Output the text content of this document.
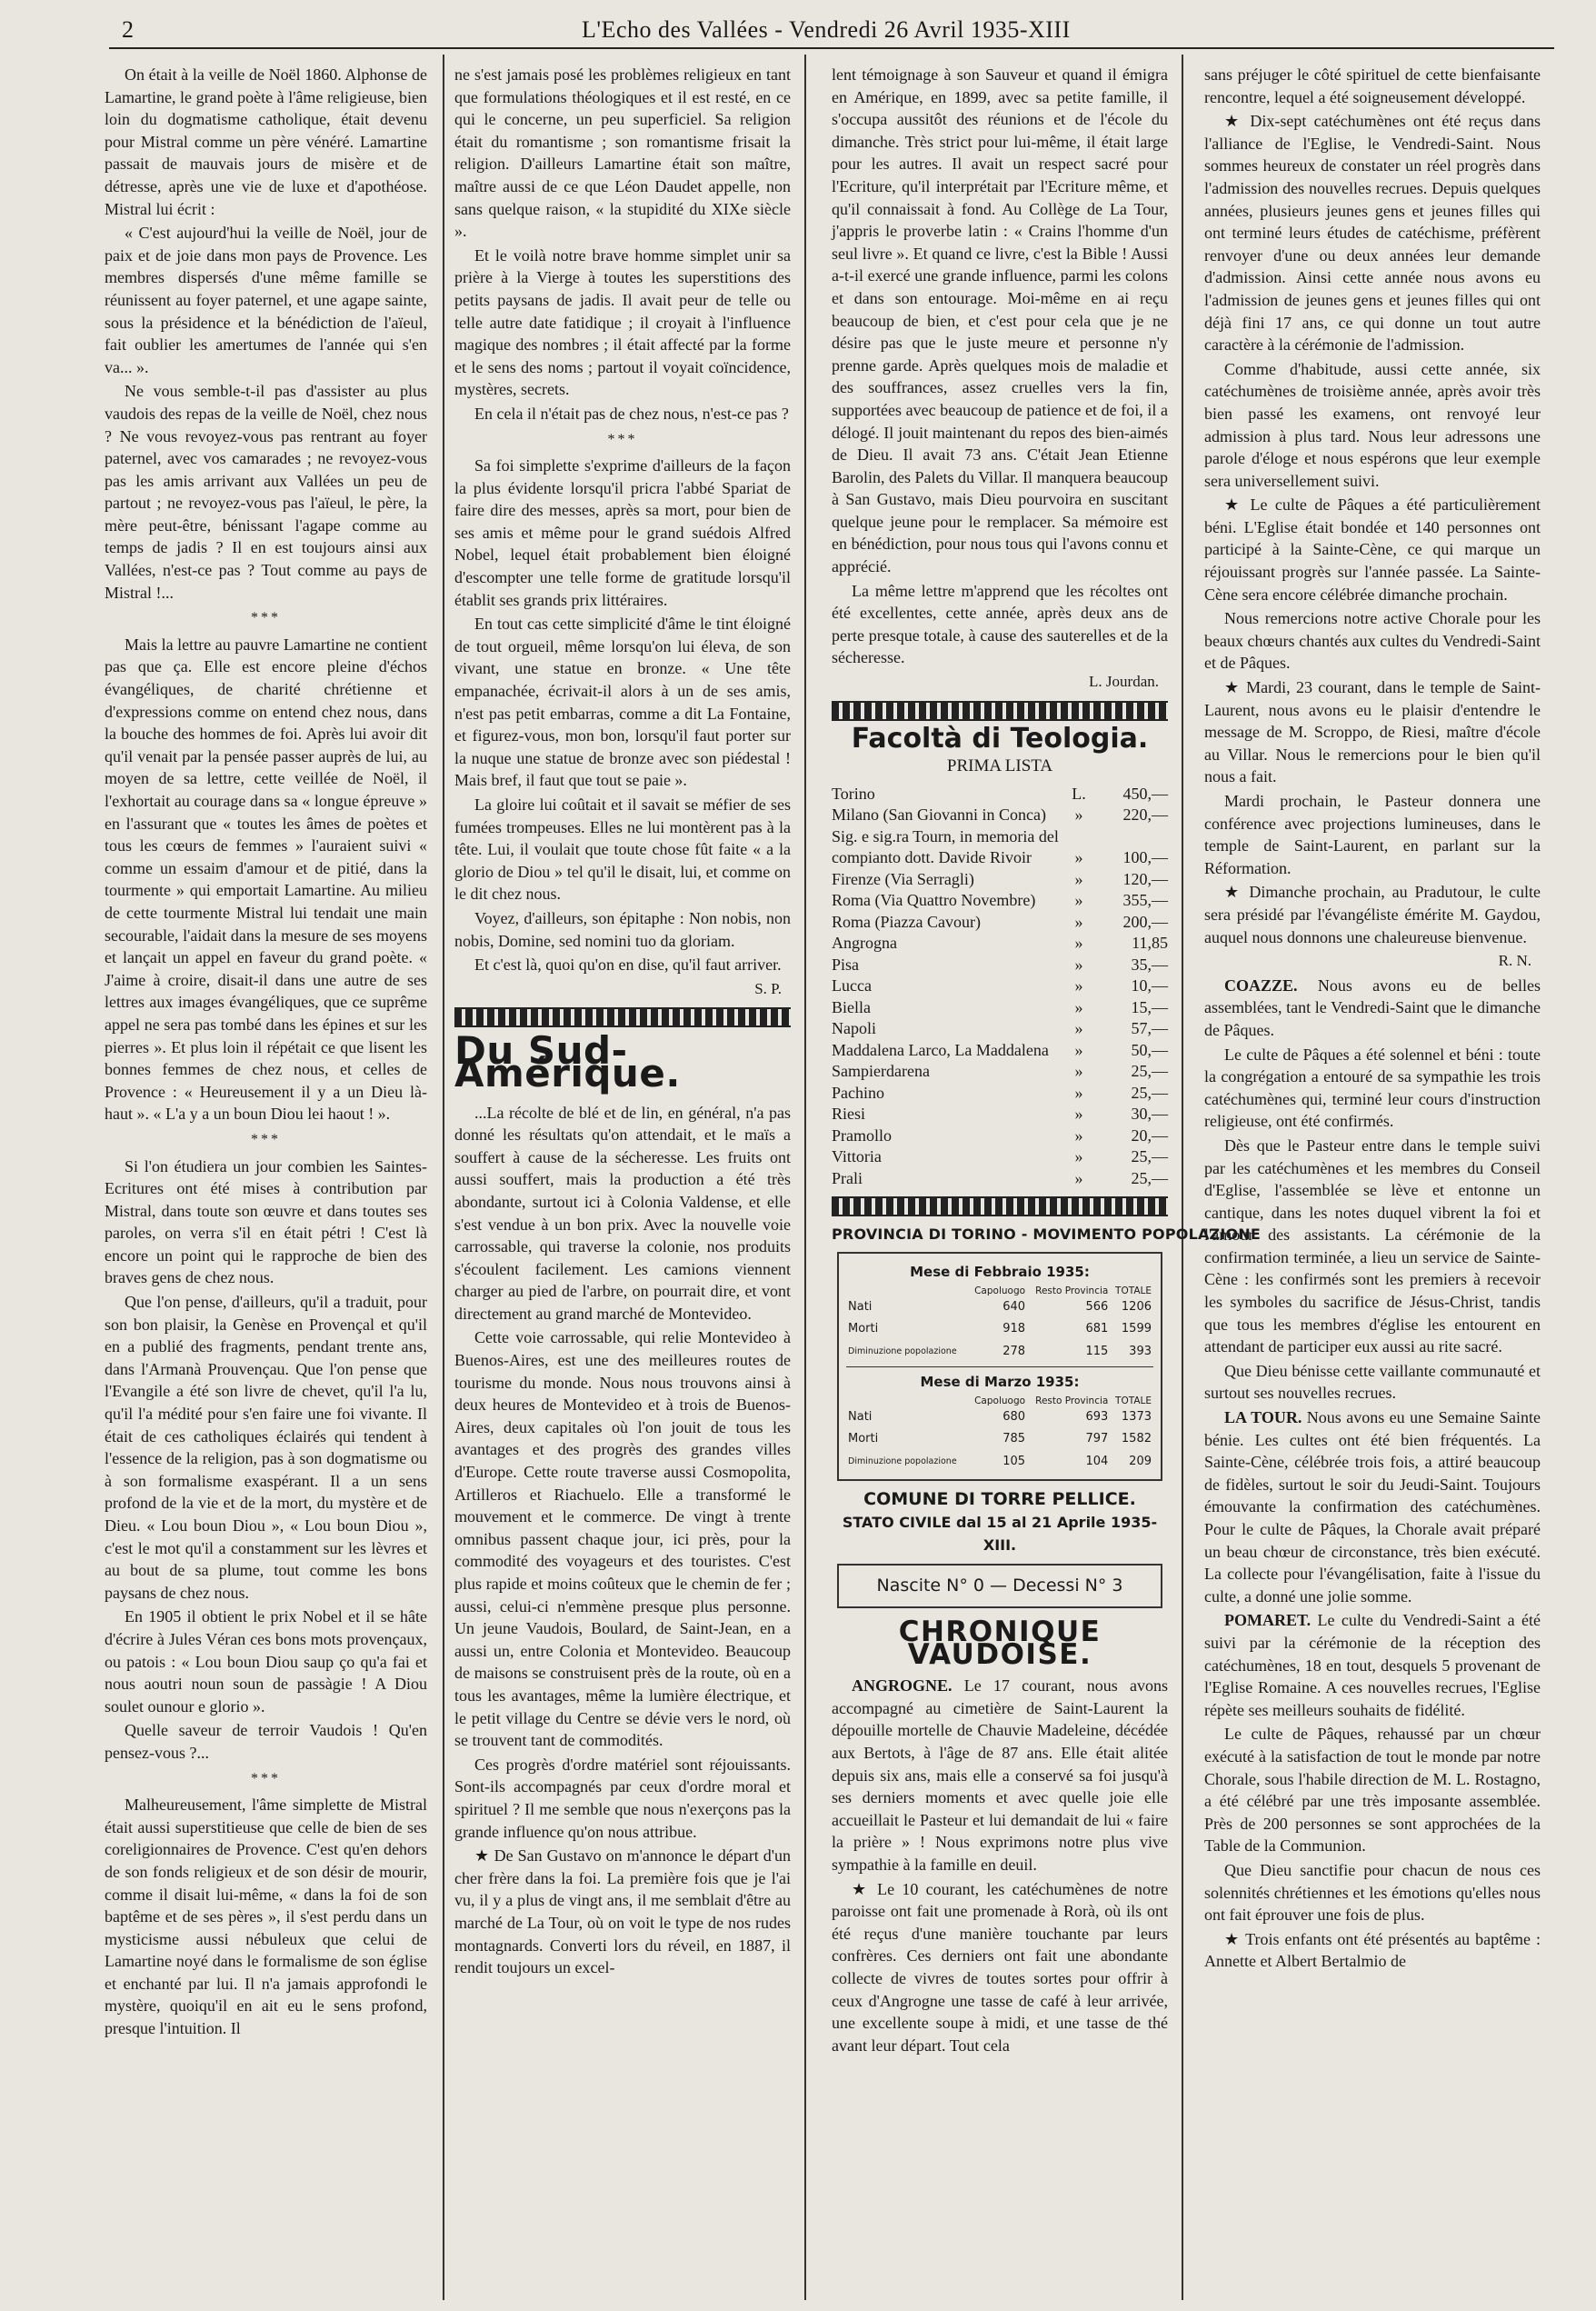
2	L'Echo des Vallées - Vendredi 26 Avril 1935-XIII

On était à la veille de Noël 1860. Alphonse de Lamartine, le grand poète à l'âme religieuse, bien loin du dogmatisme catholique, était devenu pour Mistral comme un père vénéré. Lamartine passait de mauvais jours de misère et de détresse, après une vie de luxe et d'apothéose. Mistral lui écrit :

« C'est aujourd'hui la veille de Noël, jour de paix et de joie dans mon pays de Provence. Les membres dispersés d'une même famille se réunissent au foyer paternel, et une agape sainte, sous la présidence et la bénédiction de l'aïeul, fait oublier les amertumes de l'année qui s'en va... ».

Ne vous semble-t-il pas d'assister au plus vaudois des repas de la veille de Noël, chez nous ? Ne vous revoyez-vous pas rentrant au foyer paternel, avec vos camarades ; ne revoyez-vous pas les amis arrivant aux Vallées un peu de partout ; ne revoyez-vous pas l'aïeul, le père, la mère peut-être, bénissant l'agape comme au temps de jadis ? Il en est toujours ainsi aux Vallées, n'est-ce pas ? Tout comme au pays de Mistral !...

***

Mais la lettre au pauvre Lamartine ne contient pas que ça. Elle est encore pleine d'échos évangéliques, de charité chrétienne et d'expressions comme on entend chez nous, dans la bouche des hommes de foi. Après lui avoir dit qu'il venait par la pensée passer auprès de lui, au moyen de sa lettre, cette veillée de Noël, il l'exhortait au courage dans sa « longue épreuve » en l'assurant que « toutes les âmes de poètes et tous les cœurs de femmes » l'auraient suivi « comme un essaim d'amour et de pitié, dans la tourmente » qui emportait Lamartine. Au milieu de cette tourmente Mistral lui tendait une main secourable, l'aidait dans la mesure de ses moyens et lançait un appel en faveur du grand poète. « J'aime à croire, disait-il dans une autre de ses lettres aux images évangéliques, que ce suprême appel ne sera pas tombé dans les épines et sur les pierres ». Et plus loin il répétait ce que lisent les bonnes femmes de chez nous, et celles de Provence : « Heureusement il y a un Dieu là-haut ». « L'a y a un boun Diou lei haout ! ».

***

Si l'on étudiera un jour combien les Saintes-Ecritures ont été mises à contribution par Mistral, dans toute son œuvre et dans toutes ses paroles, on verra s'il en était pétri ! C'est là encore un point qui le rapproche de bien des braves gens de chez nous.

Que l'on pense, d'ailleurs, qu'il a traduit, pour son bon plaisir, la Genèse en Provençal et qu'il en a publié des fragments, pendant trente ans, dans l'Armanà Prouvençau. Que l'on pense que l'Evangile a été son livre de chevet, qu'il l'a lu, qu'il l'a médité pour s'en faire une foi vivante. Il était de ces catholiques éclairés qui tendent à l'essence de la religion, pas à son dogmatisme ou à son formalisme exaspérant. Il a un sens profond de la vie et de la mort, du mystère et de Dieu. « Lou boun Diou », « Lou boun Diou », c'est le mot qu'il a constamment sur les lèvres et au bout de sa plume, tout comme les bons paysans de chez nous.

En 1905 il obtient le prix Nobel et il se hâte d'écrire à Jules Véran ces bons mots provençaux, ou patois : « Lou boun Diou saup ço qu'a fai et nous aoutri noun soun de passàgie ! A Diou soulet ounour e glorio ».

Quelle saveur de terroir Vaudois ! Qu'en pensez-vous ?...

***

Malheureusement, l'âme simplette de Mistral était aussi superstitieuse que celle de bien de ses coreligionnaires de Provence. C'est qu'en dehors de son fonds religieux et de son désir de mourir, comme il disait lui-même, « dans la foi de son baptême et de ses pères », il s'est perdu dans un mysticisme aussi nébuleux que celui de Lamartine noyé dans le formalisme de son église et enchanté par lui. Il n'a jamais approfondi le mystère, quoiqu'il en ait eu le sens profond, presque l'intuition. Il

ne s'est jamais posé les problèmes religieux en tant que formulations théologiques et il est resté, en ce qui le concerne, un peu superficiel. Sa religion était du romantisme ; son romantisme frisait la religion. D'ailleurs Lamartine était son maître, maître aussi de ce que Léon Daudet appelle, non sans quelque raison, « la stupidité du XIXe siècle ».

Et le voilà notre brave homme simplet unir sa prière à la Vierge à toutes les superstitions des petits paysans de jadis. Il avait peur de telle ou telle autre date fatidique ; il croyait à l'influence magique des nombres ; il était affecté par la forme et le sens des noms ; partout il voyait coïncidence, mystères, secrets.

En cela il n'était pas de chez nous, n'est-ce pas ?

***

Sa foi simplette s'exprime d'ailleurs de la façon la plus évidente lorsqu'il pricra l'abbé Spariat de faire dire des messes, après sa mort, pour bien de ses amis et même pour le grand suédois Alfred Nobel, lequel était probablement bien éloigné d'escompter une telle forme de gratitude lorsqu'il établit ses grands prix littéraires.

En tout cas cette simplicité d'âme le tint éloigné de tout orgueil, même lorsqu'on lui éleva, de son vivant, une statue en bronze. « Une tête empanachée, écrivait-il alors à un de ses amis, n'est pas petit embarras, comme a dit La Fontaine, et figurez-vous, mon bon, lorsqu'il faut porter sur la nuque une statue de bronze avec son piédestal ! Mais bref, il faut que tout se paie ».

La gloire lui coûtait et il savait se méfier de ses fumées trompeuses. Elles ne lui montèrent pas à la tête. Lui, il voulait que toute chose fût faite « a la glorio de Diou » tel qu'il le disait, lui, et comme on le dit chez nous.

Voyez, d'ailleurs, son épitaphe : Non nobis, non nobis, Domine, sed nomini tuo da gloriam.

Et c'est là, quoi qu'on en dise, qu'il faut arriver.

S. P.
Du Sud-Amérique.

...La récolte de blé et de lin, en général, n'a pas donné les résultats qu'on attendait, et le maïs a souffert à cause de la sécheresse. Les fruits ont aussi souffert, mais la production a été très abondante, surtout ici à Colonia Valdense, et elle s'est vendue à un bon prix. Avec la nouvelle voie carrossable, qui traverse la colonie, nos produits s'écoulent facilement. Les camions viennent charger au pied de l'arbre, on pourrait dire, et vont directement au grand marché de Montevideo.

Cette voie carrossable, qui relie Montevideo à Buenos-Aires, est une des meilleures routes de tourisme du monde. Nous nous trouvons ainsi à deux heures de Montevideo et à trois de Buenos-Aires, deux capitales où l'on jouit de tous les avantages et des progrès des grandes villes d'Europe. Cette route traverse aussi Cosmopolita, Artilleros et Riachuelo. Elle a transformé le mouvement et le commerce. De vingt à trente omnibus passent chaque jour, ici près, pour la commodité des voyageurs et des touristes. C'est plus rapide et moins coûteux que le chemin de fer ; aussi, celui-ci n'emmène presque plus personne. Un jeune Vaudois, Boulard, de Saint-Jean, en a aussi un, entre Colonia et Montevideo. Beaucoup de maisons se construisent près de la route, où en a tous les avantages, même la lumière électrique, et le petit village du Centre se dévie vers le nord, où se trouvent tant de commodités.

Ces progrès d'ordre matériel sont réjouissants. Sont-ils accompagnés par ceux d'ordre moral et spirituel ? Il me semble que nous n'exerçons pas la grande influence qu'on nous attribue.

★ De San Gustavo on m'annonce le départ d'un cher frère dans la foi. La première fois que je l'ai vu, il y a plus de vingt ans, il me semblait d'être au marché de La Tour, où on voit le type de nos rudes montagnards. Converti lors du réveil, en 1887, il rendit toujours un excel-

lent témoignage à son Sauveur et quand il émigra en Amérique, en 1899, avec sa petite famille, il s'occupa aussitôt des réunions et de l'école du dimanche. Très strict pour lui-même, il était large pour les autres. Il avait un respect sacré pour l'Ecriture, qu'il interprétait par l'Ecriture même, et qu'il connaissait à fond. Au Collège de La Tour, j'appris le proverbe latin : « Crains l'homme d'un seul livre ». Et quand ce livre, c'est la Bible ! Aussi a-t-il exercé une grande influence, parmi les colons et dans son entourage. Moi-même en ai reçu beaucoup de bien, et c'est pour cela que je ne désire pas que le juste meure et personne n'y prenne garde. Après quelques mois de maladie et des souffrances, assez cruelles vers la fin, supportées avec beaucoup de patience et de foi, il a délogé. Il jouit maintenant du repos des bien-aimés de Dieu. Il avait 73 ans. C'était Jean Etienne Barolin, des Palets du Villar. Il manquera beaucoup à San Gustavo, mais Dieu pourvoira en suscitant quelque jeune pour le remplacer. Sa mémoire est en bénédiction, pour nous tous qui l'avons connu et apprécié.

La même lettre m'apprend que les récoltes ont été excellentes, cette année, après deux ans de perte presque totale, à cause des sauterelles et de la sécheresse.

L. Jourdan.
Facoltà di Teologia.
PRIMA LISTA
Torino	L.	450,—
Milano (San Giovanni in Conca)	»	220,—
Sig. e sig.ra Tourn, in memoria del
compianto dott. Davide Rivoir	»	100,—
Firenze (Via Serragli)	»	120,—
Roma (Via Quattro Novembre)	»	355,—
Roma (Piazza Cavour)	»	200,—
Angrogna	»	11,85
Pisa	»	35,—
Lucca	»	10,—
Biella	»	15,—
Napoli	»	57,—
Maddalena Larco, La Maddalena	»	50,—
Sampierdarena	»	25,—
Pachino	»	25,—
Riesi	»	30,—
Pramollo	»	20,—
Vittoria	»	25,—
Prali	»	25,—
PROVINCIA DI TORINO - MOVIMENTO POPOLAZIONE
Mese di Febbraio 1935:
	Capoluogo	Resto Provincia	TOTALE
Nati	640	566	1206
Morti	918	681	1599

Diminuzione popolazione	278	115	393
Mese di Marzo 1935:
	Capoluogo	Resto Provincia	TOTALE
Nati	680	693	1373
Morti	785	797	1582

Diminuzione popolazione	105	104	209
COMUNE DI TORRE PELLICE.
STATO CIVILE dal 15 al 21 Aprile 1935-XIII.
Nascite N° 0 — Decessi N° 3
CHRONIQUE VAUDOISE.

ANGROGNE. Le 17 courant, nous avons accompagné au cimetière de Saint-Laurent la dépouille mortelle de Chauvie Madeleine, décédée aux Bertots, à l'âge de 87 ans. Elle était alitée depuis six ans, mais elle a conservé sa foi jusqu'à ses derniers moments et avec quelle joie elle accueillait le Pasteur et lui demandait de lui « faire la prière » ! Nous exprimons notre plus vive sympathie à la famille en deuil.

★ Le 10 courant, les catéchumènes de notre paroisse ont fait une promenade à Rorà, où ils ont été reçus d'une manière touchante par leurs confrères. Ces derniers ont fait une abondante collecte de vivres de toutes sortes pour offrir à ceux d'Angrogne une tasse de café à leur arrivée, une excellente soupe à midi, et une tasse de thé avant leur départ. Tout cela

sans préjuger le côté spirituel de cette bienfaisante rencontre, lequel a été soigneusement développé.

★ Dix-sept catéchumènes ont été reçus dans l'alliance de l'Eglise, le Vendredi-Saint. Nous sommes heureux de constater un réel progrès dans l'admission des nouvelles recrues. Depuis quelques années, plusieurs jeunes gens et jeunes filles qui ont terminé leurs études de catéchisme, préfèrent renvoyer d'une ou deux années leur demande d'admission. Ainsi cette année nous avons eu l'admission de jeunes gens et jeunes filles qui ont déjà fini 17 ans, ce qui donne un tout autre caractère à la cérémonie de l'admission.

Comme d'habitude, aussi cette année, six catéchumènes de troisième année, après avoir très bien passé les examens, ont renvoyé leur admission à plus tard. Nous leur adressons une parole d'éloge et nous espérons que leur exemple sera universellement suivi.

★ Le culte de Pâques a été particulièrement béni. L'Eglise était bondée et 140 personnes ont participé à la Sainte-Cène, ce qui marque un réjouissant progrès sur l'année passée. La Sainte-Cène sera encore célébrée dimanche prochain.

Nous remercions notre active Chorale pour les beaux chœurs chantés aux cultes du Vendredi-Saint et de Pâques.

★ Mardi, 23 courant, dans le temple de Saint-Laurent, nous avons eu le plaisir d'entendre le message de M. Scroppo, de Riesi, maître d'école au Villar. Nous le remercions pour le bien qu'il nous a fait.

Mardi prochain, le Pasteur donnera une conférence avec projections lumineuses, dans le temple de Saint-Laurent, en parlant sur la Réformation.

★ Dimanche prochain, au Pradutour, le culte sera présidé par l'évangéliste émérite M. Gaydou, auquel nous donnons une chaleureuse bienvenue.

R. N.

COAZZE. Nous avons eu de belles assemblées, tant le Vendredi-Saint que le dimanche de Pâques.

Le culte de Pâques a été solennel et béni : toute la congrégation a entouré de sa sympathie les trois catéchumènes qui, terminé leur cours d'instruction religieuse, ont été confirmés.

Dès que le Pasteur entre dans le temple suivi par les catéchumènes et les membres du Conseil d'Eglise, l'assemblée se lève et entonne un cantique, dans les notes duquel vibrent la foi et l'amour des assistants. La cérémonie de la confirmation terminée, a lieu un service de Sainte-Cène : les confirmés sont les premiers à recevoir les symboles du sacrifice de Jésus-Christ, tandis que tous les membres d'église les entourent en attendant de participer eux aussi au rite sacré.

Que Dieu bénisse cette vaillante communauté et surtout ses nouvelles recrues.

LA TOUR. Nous avons eu une Semaine Sainte bénie. Les cultes ont été bien fréquentés. La Sainte-Cène, célébrée trois fois, a attiré beaucoup de fidèles, surtout le soir du Jeudi-Saint. Toujours émouvante la confirmation des catéchumènes. Pour le culte de Pâques, la Chorale avait préparé un beau chœur de circonstance, très bien exécuté. La collecte pour l'évangélisation, faite à l'issue du culte, a donné une jolie somme.

POMARET. Le culte du Vendredi-Saint a été suivi par la cérémonie de la réception des catéchumènes, 18 en tout, desquels 5 provenant de l'Eglise Romaine. A ces nouvelles recrues, l'Eglise répète ses meilleurs souhaits de fidélité.

Le culte de Pâques, rehaussé par un chœur exécuté à la satisfaction de tout le monde par notre Chorale, sous l'habile direction de M. L. Rostagno, a été célébré par une très imposante assemblée. Près de 200 personnes se sont approchées de la Table de la Communion.

Que Dieu sanctifie pour chacun de nous ces solennités chrétiennes et les émotions qu'elles nous ont fait éprouver une fois de plus.

★ Trois enfants ont été présentés au baptême : Annette et Albert Bertalmio de
